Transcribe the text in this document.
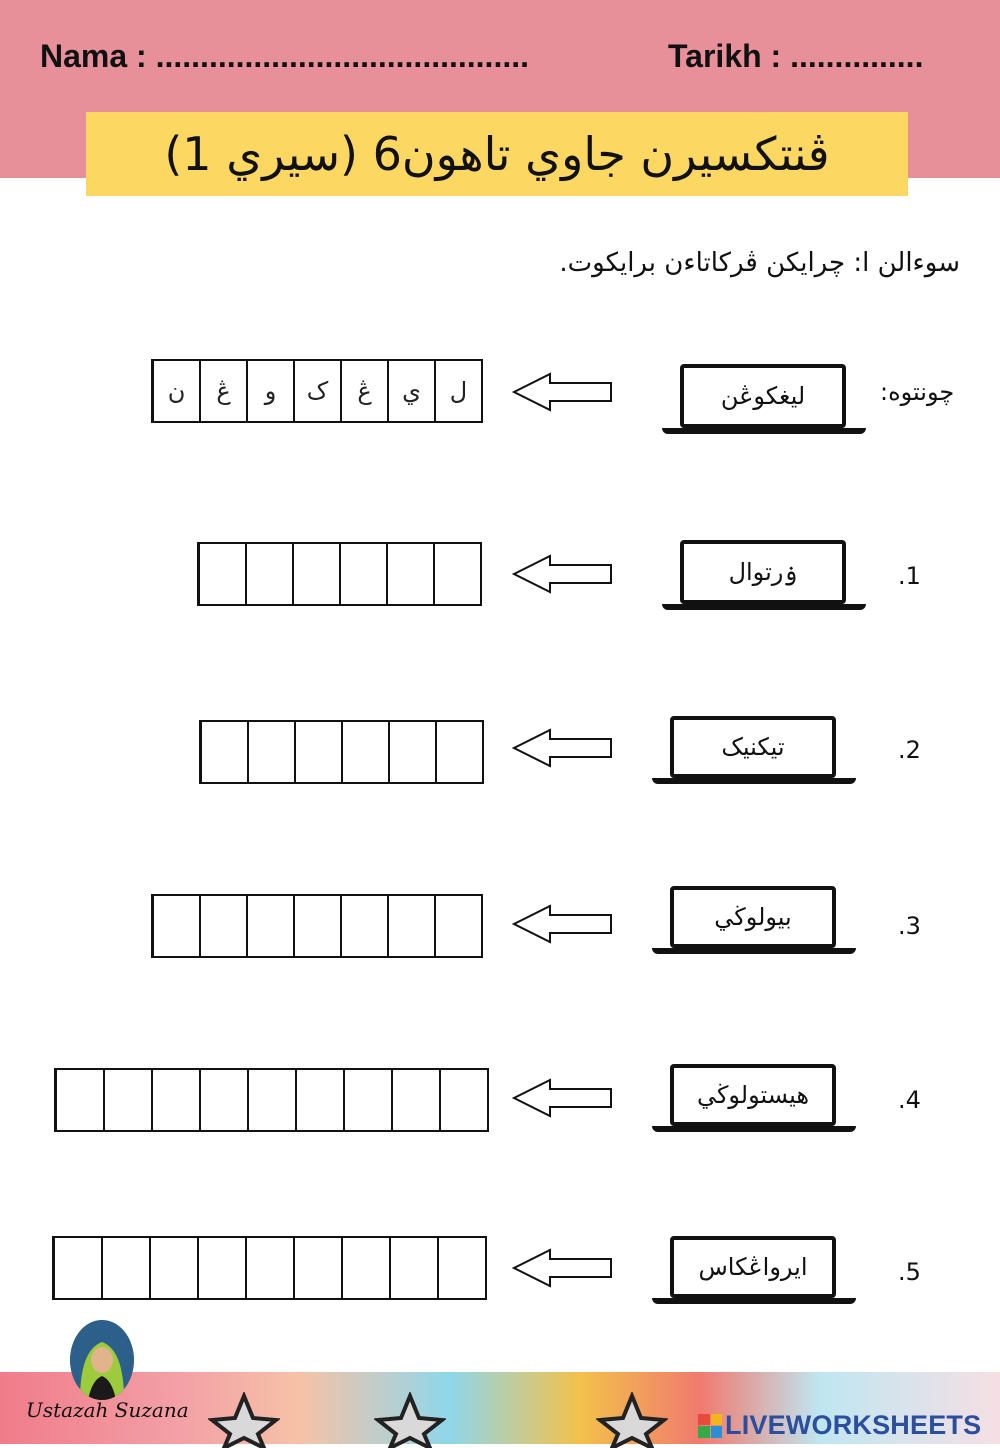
Nama : ..........................................	Tarikh : ...............
ڤنتکسيرن جاوي تاهون6 (سيري 1)
سوءالن ا: چرايکن ڤرکاتاءن برايکوت.
چونتوه:
ليغکوڠن
ل
ي
ڠ
ک
و
ڠ
ن
1.
ۏرتوال
2.
تيکنيک
3.
بيولوڬي
4.
هيستولوڬي
5.
ايرواڠکاس
Ustazah Suzana	LIVEWORKSHEETS
